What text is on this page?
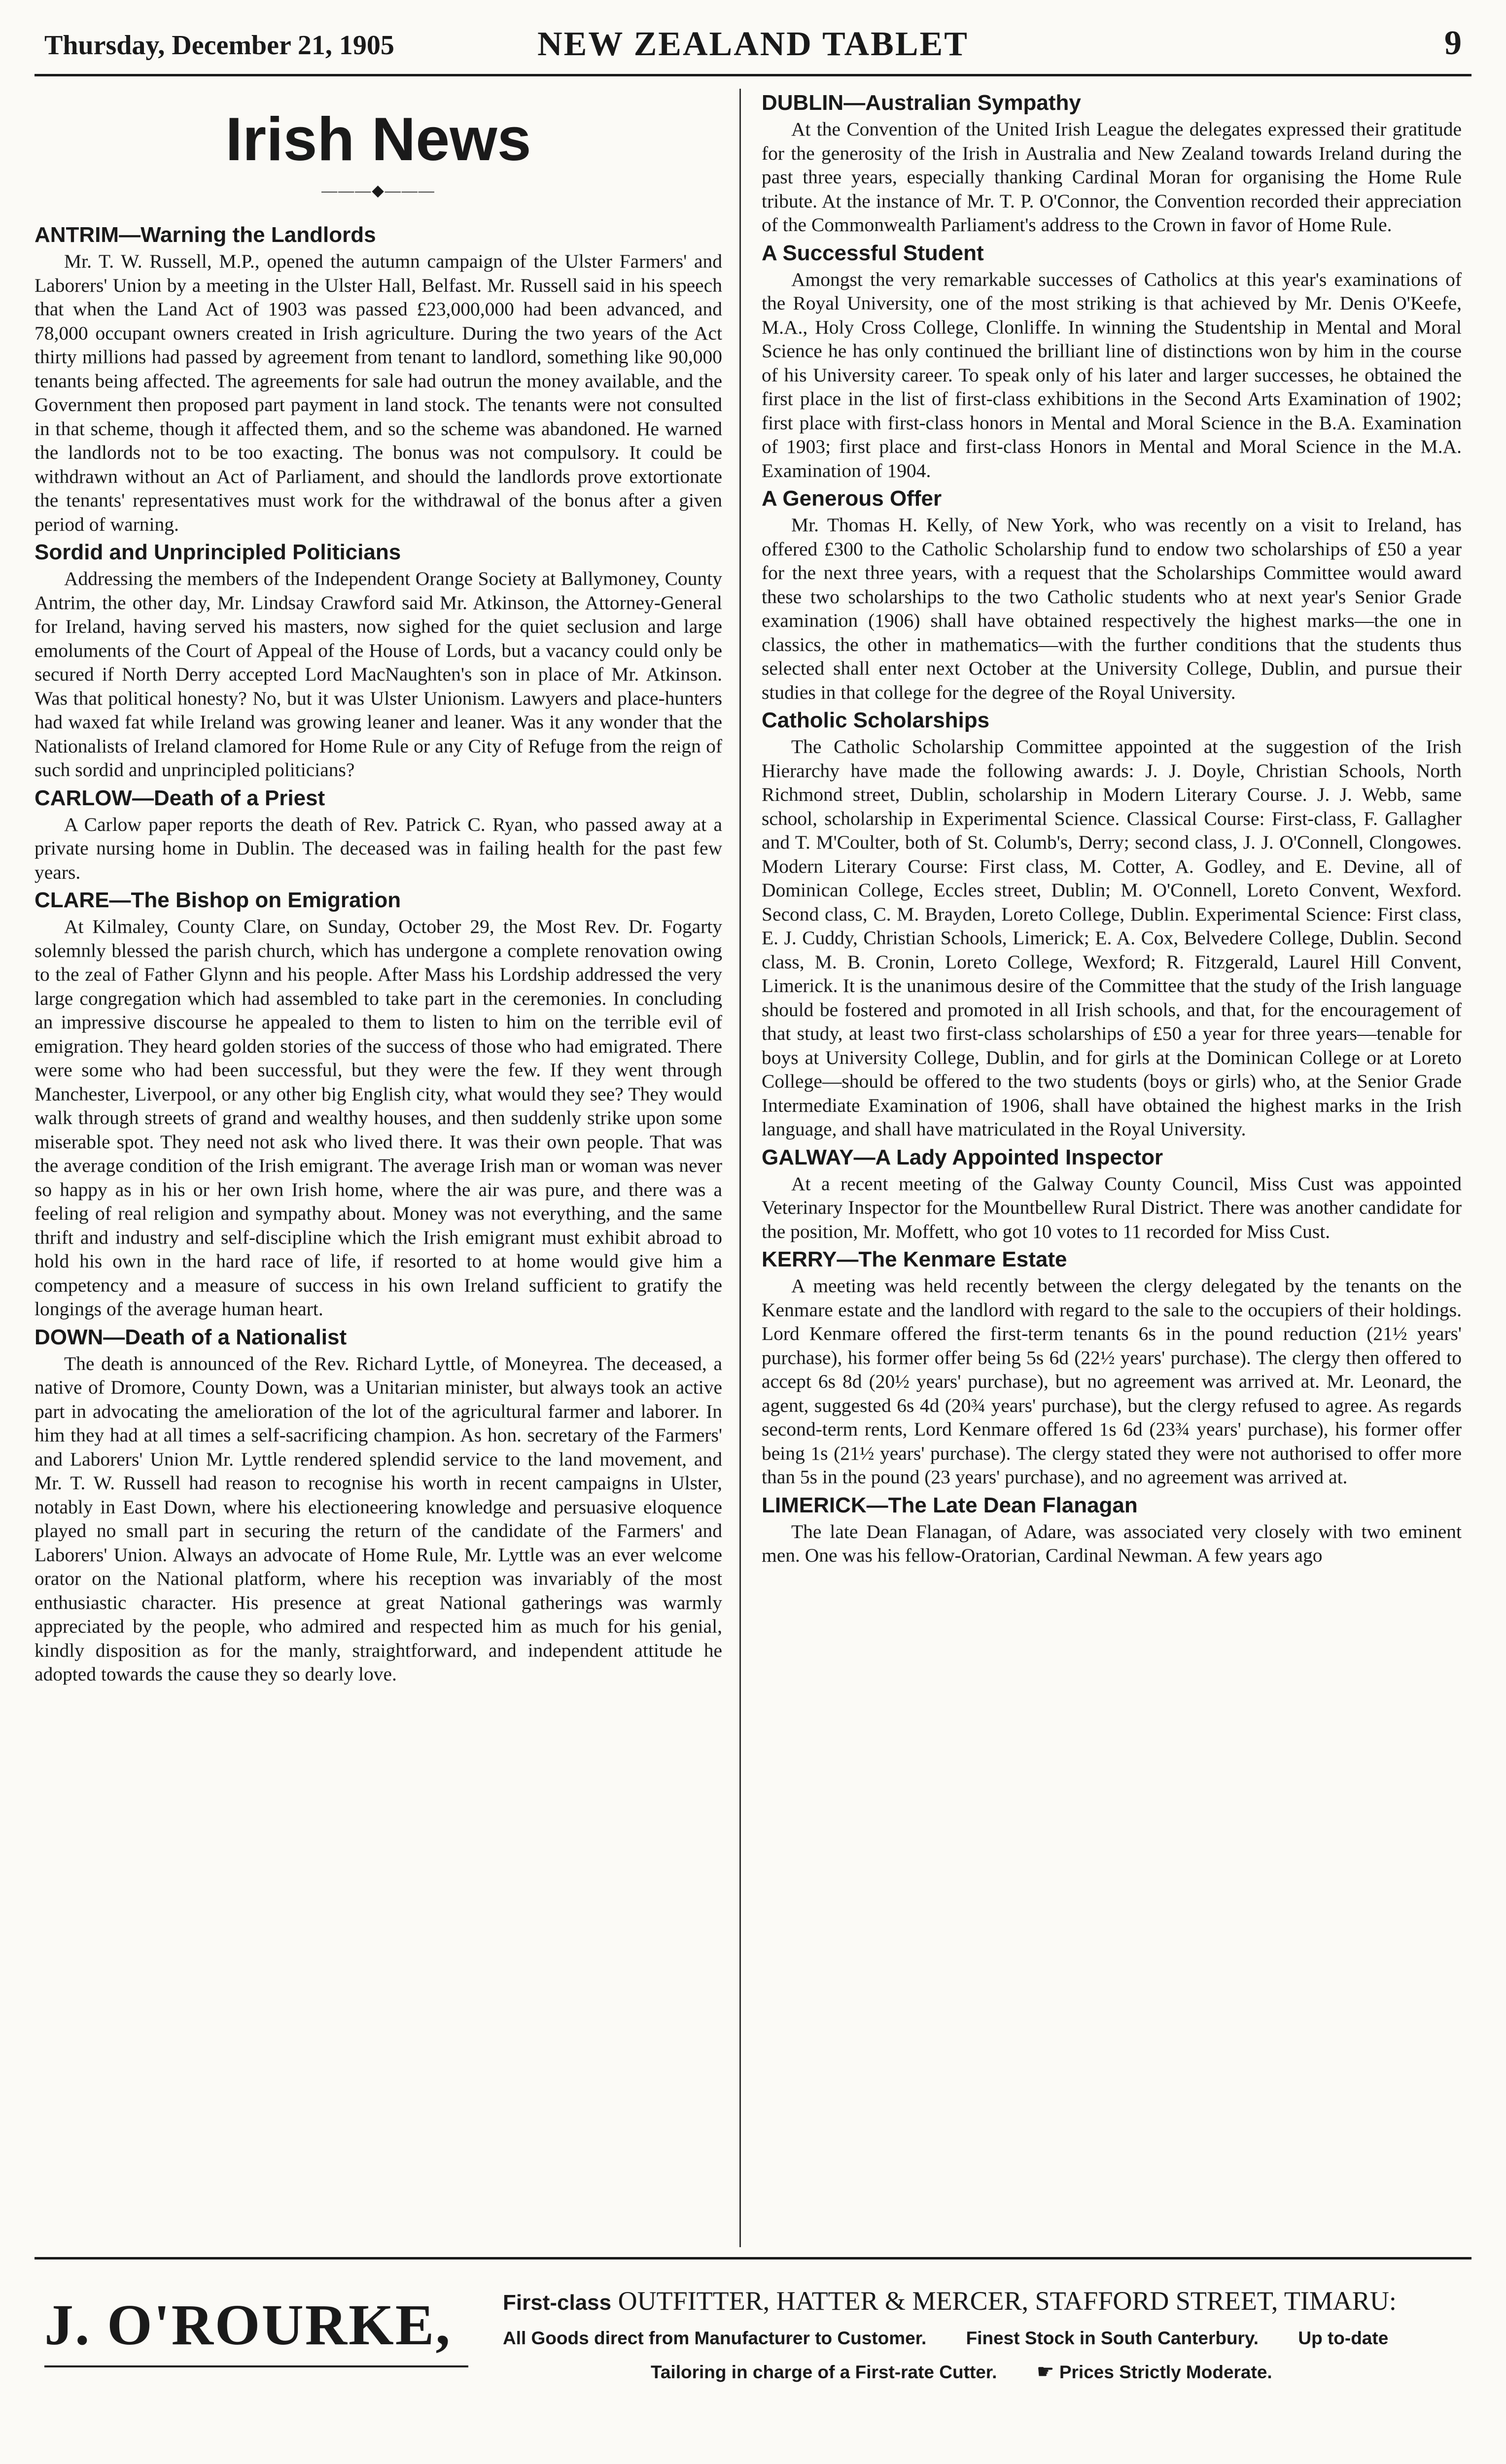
Thursday, December 21, 1905	NEW ZEALAND TABLET	9
Irish News
———◆———
ANTRIM—Warning the Landlords

Mr. T. W. Russell, M.P., opened the autumn campaign of the Ulster Farmers' and Laborers' Union by a meeting in the Ulster Hall, Belfast. Mr. Russell said in his speech that when the Land Act of 1903 was passed £23,000,000 had been advanced, and 78,000 occupant owners created in Irish agriculture. During the two years of the Act thirty millions had passed by agreement from tenant to landlord, something like 90,000 tenants being affected. The agreements for sale had outrun the money available, and the Government then proposed part payment in land stock. The tenants were not consulted in that scheme, though it affected them, and so the scheme was abandoned. He warned the landlords not to be too exacting. The bonus was not compulsory. It could be withdrawn without an Act of Parliament, and should the landlords prove extortionate the tenants' representatives must work for the withdrawal of the bonus after a given period of warning.

Sordid and Unprincipled Politicians

Addressing the members of the Independent Orange Society at Ballymoney, County Antrim, the other day, Mr. Lindsay Crawford said Mr. Atkinson, the Attorney-General for Ireland, having served his masters, now sighed for the quiet seclusion and large emoluments of the Court of Appeal of the House of Lords, but a vacancy could only be secured if North Derry accepted Lord MacNaughten's son in place of Mr. Atkinson. Was that political honesty? No, but it was Ulster Unionism. Lawyers and place-hunters had waxed fat while Ireland was growing leaner and leaner. Was it any wonder that the Nationalists of Ireland clamored for Home Rule or any City of Refuge from the reign of such sordid and unprincipled politicians?

CARLOW—Death of a Priest

A Carlow paper reports the death of Rev. Patrick C. Ryan, who passed away at a private nursing home in Dublin. The deceased was in failing health for the past few years.

CLARE—The Bishop on Emigration

At Kilmaley, County Clare, on Sunday, October 29, the Most Rev. Dr. Fogarty solemnly blessed the parish church, which has undergone a complete renovation owing to the zeal of Father Glynn and his people. After Mass his Lordship addressed the very large congregation which had assembled to take part in the ceremonies. In concluding an impressive discourse he appealed to them to listen to him on the terrible evil of emigration. They heard golden stories of the success of those who had emigrated. There were some who had been successful, but they were the few. If they went through Manchester, Liverpool, or any other big English city, what would they see? They would walk through streets of grand and wealthy houses, and then suddenly strike upon some miserable spot. They need not ask who lived there. It was their own people. That was the average condition of the Irish emigrant. The average Irish man or woman was never so happy as in his or her own Irish home, where the air was pure, and there was a feeling of real religion and sympathy about. Money was not everything, and the same thrift and industry and self-discipline which the Irish emigrant must exhibit abroad to hold his own in the hard race of life, if resorted to at home would give him a competency and a measure of success in his own Ireland sufficient to gratify the longings of the average human heart.

DOWN—Death of a Nationalist

The death is announced of the Rev. Richard Lyttle, of Moneyrea. The deceased, a native of Dromore, County Down, was a Unitarian minister, but always took an active part in advocating the amelioration of the lot of the agricultural farmer and laborer. In him they had at all times a self-sacrificing champion. As hon. secretary of the Farmers' and Laborers' Union Mr. Lyttle rendered splendid service to the land movement, and Mr. T. W. Russell had reason to recognise his worth in recent campaigns in Ulster, notably in East Down, where his electioneering knowledge and persuasive eloquence played no small part in securing the return of the candidate of the Farmers' and Laborers' Union. Always an advocate of Home Rule, Mr. Lyttle was an ever welcome orator on the National platform, where his reception was invariably of the most enthusiastic character. His presence at great National gatherings was warmly appreciated by the people, who admired and respected him as much for his genial, kindly disposition as for the manly, straightforward, and independent attitude he adopted towards the cause they so dearly love.

DUBLIN—Australian Sympathy

At the Convention of the United Irish League the delegates expressed their gratitude for the generosity of the Irish in Australia and New Zealand towards Ireland during the past three years, especially thanking Cardinal Moran for organising the Home Rule tribute. At the instance of Mr. T. P. O'Connor, the Convention recorded their appreciation of the Commonwealth Parliament's address to the Crown in favor of Home Rule.

A Successful Student

Amongst the very remarkable successes of Catholics at this year's examinations of the Royal University, one of the most striking is that achieved by Mr. Denis O'Keefe, M.A., Holy Cross College, Clonliffe. In winning the Studentship in Mental and Moral Science he has only continued the brilliant line of distinctions won by him in the course of his University career. To speak only of his later and larger successes, he obtained the first place in the list of first-class exhibitions in the Second Arts Examination of 1902; first place with first-class honors in Mental and Moral Science in the B.A. Examination of 1903; first place and first-class Honors in Mental and Moral Science in the M.A. Examination of 1904.

A Generous Offer

Mr. Thomas H. Kelly, of New York, who was recently on a visit to Ireland, has offered £300 to the Catholic Scholarship fund to endow two scholarships of £50 a year for the next three years, with a request that the Scholarships Committee would award these two scholarships to the two Catholic students who at next year's Senior Grade examination (1906) shall have obtained respectively the highest marks—the one in classics, the other in mathematics—with the further conditions that the students thus selected shall enter next October at the University College, Dublin, and pursue their studies in that college for the degree of the Royal University.

Catholic Scholarships

The Catholic Scholarship Committee appointed at the suggestion of the Irish Hierarchy have made the following awards: J. J. Doyle, Christian Schools, North Richmond street, Dublin, scholarship in Modern Literary Course. J. J. Webb, same school, scholarship in Experimental Science. Classical Course: First-class, F. Gallagher and T. M'Coulter, both of St. Columb's, Derry; second class, J. J. O'Connell, Clongowes. Modern Literary Course: First class, M. Cotter, A. Godley, and E. Devine, all of Dominican College, Eccles street, Dublin; M. O'Connell, Loreto Convent, Wexford. Second class, C. M. Brayden, Loreto College, Dublin. Experimental Science: First class, E. J. Cuddy, Christian Schools, Limerick; E. A. Cox, Belvedere College, Dublin. Second class, M. B. Cronin, Loreto College, Wexford; R. Fitzgerald, Laurel Hill Convent, Limerick. It is the unanimous desire of the Committee that the study of the Irish language should be fostered and promoted in all Irish schools, and that, for the encouragement of that study, at least two first-class scholarships of £50 a year for three years—tenable for boys at University College, Dublin, and for girls at the Dominican College or at Loreto College—should be offered to the two students (boys or girls) who, at the Senior Grade Intermediate Examination of 1906, shall have obtained the highest marks in the Irish language, and shall have matriculated in the Royal University.

GALWAY—A Lady Appointed Inspector

At a recent meeting of the Galway County Council, Miss Cust was appointed Veterinary Inspector for the Mountbellew Rural District. There was another candidate for the position, Mr. Moffett, who got 10 votes to 11 recorded for Miss Cust.

KERRY—The Kenmare Estate

A meeting was held recently between the clergy delegated by the tenants on the Kenmare estate and the landlord with regard to the sale to the occupiers of their holdings. Lord Kenmare offered the first-term tenants 6s in the pound reduction (21½ years' purchase), his former offer being 5s 6d (22½ years' purchase). The clergy then offered to accept 6s 8d (20½ years' purchase), but no agreement was arrived at. Mr. Leonard, the agent, suggested 6s 4d (20¾ years' purchase), but the clergy refused to agree. As regards second-term rents, Lord Kenmare offered 1s 6d (23¾ years' purchase), his former offer being 1s (21½ years' purchase). The clergy stated they were not authorised to offer more than 5s in the pound (23 years' purchase), and no agreement was arrived at.

LIMERICK—The Late Dean Flanagan

The late Dean Flanagan, of Adare, was associated very closely with two eminent men. One was his fellow-Oratorian, Cardinal Newman. A few years ago

J. O'ROURKE, First-class OUTFITTER, HATTER & MERCER, STAFFORD STREET, TIMARU:
All Goods direct from Manufacturer to Customer. Finest Stock in South Canterbury. Up to-date
Tailoring in charge of a First-rate Cutter. ☛ Prices Strictly Moderate.
